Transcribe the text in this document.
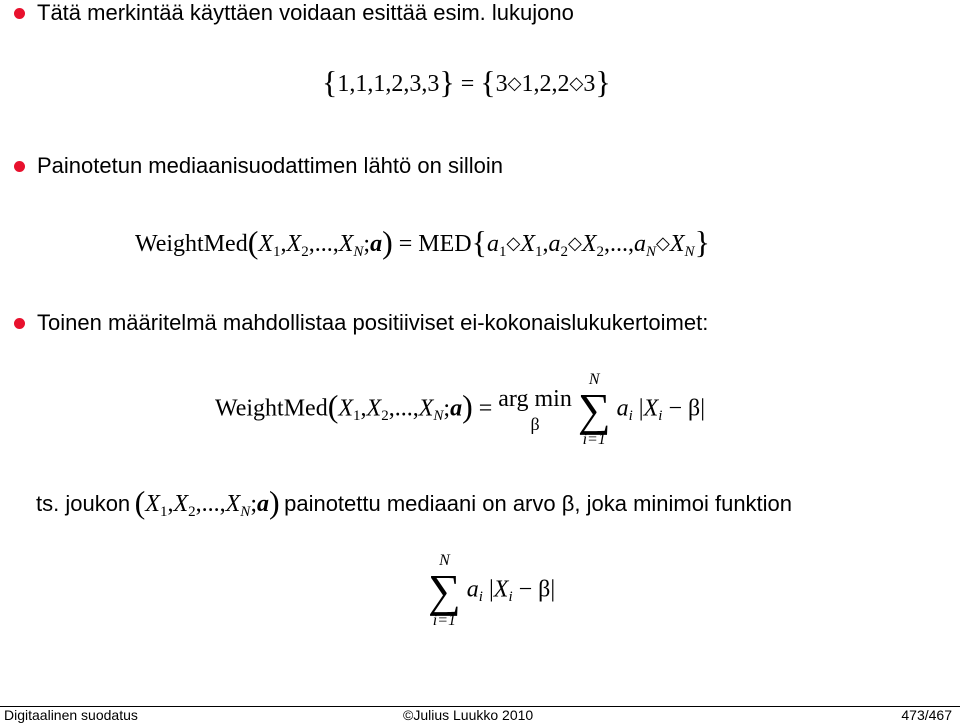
Tätä merkintää käyttäen voidaan esittää esim. lukujono
{1,1,1,2,3,3} = {3◇1,2,2◇3}
Painotetun mediaanisuodattimen lähtö on silloin
$WeightMed(X_1,X_2,...,X_N;a)$ = $MED\{a_1◇X_1,a_2◇X_2,...,a_N◇X_N\}$
Toinen määritelmä mahdollistaa positiiviset ei-kokonaislukukertoimet:
$WeightMed(X_1,X_2,...,X_N;a)$ = arg min
β

N
∑
i=1
$a_i$ $|X_i - \beta|$
ts. joukon $(X_1,X_2,...,X_N;a)$ painotettu mediaani on arvo β, joka minimoi funktion
N
∑
i=1
$a_i$ $|X_i - \beta|$
Digitaalinen suodatus	©Julius Luukko 2010	473/467
